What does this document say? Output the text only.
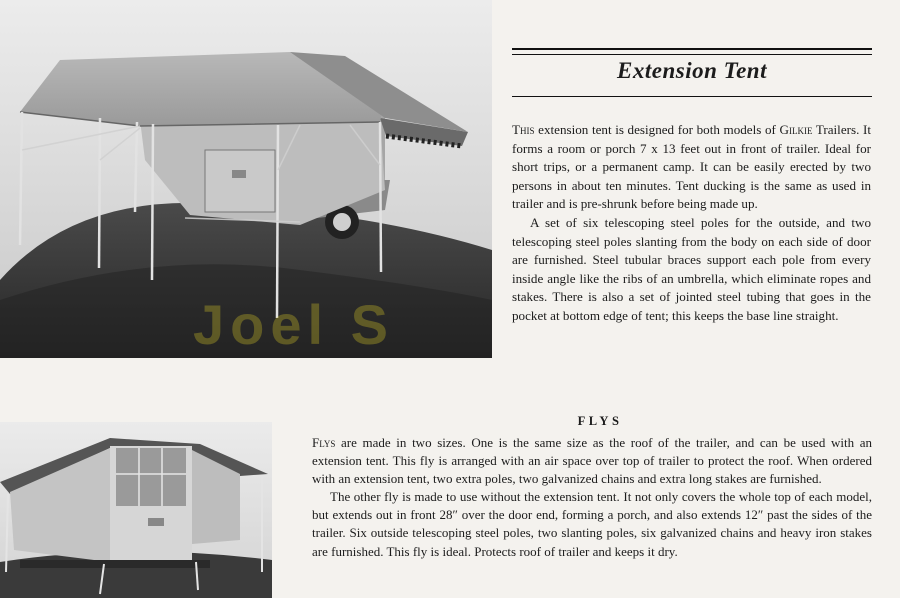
Joel S
Extension Tent

This extension tent is designed for both models of Gilkie Trailers. It forms a room or porch 7 x 13 feet out in front of trailer. Ideal for short trips, or a permanent camp. It can be easily erected by two persons in about ten minutes. Tent ducking is the same as used in trailer and is pre-shrunk before being made up.

A set of six telescoping steel poles for the outside, and two telescoping steel poles slanting from the body on each side of door are furnished. Steel tubular braces support each pole from every inside angle like the ribs of an umbrella, which eliminate ropes and stakes. There is also a set of jointed steel tubing that goes in the pocket at bottom edge of tent; this keeps the base line straight.

FLYS

Flys are made in two sizes. One is the same size as the roof of the trailer, and can be used with an extension tent. This fly is arranged with an air space over top of trailer to protect the roof. When ordered with an extension tent, two extra poles, two galvanized chains and extra long stakes are furnished.

The other fly is made to use without the extension tent. It not only covers the whole top of each model, but extends out in front 28″ over the door end, forming a porch, and also extends 12″ past the sides of the trailer. Six outside telescoping steel poles, two slanting poles, six galvanized chains and heavy iron stakes are furnished. This fly is ideal. Protects roof of trailer and keeps it dry.
